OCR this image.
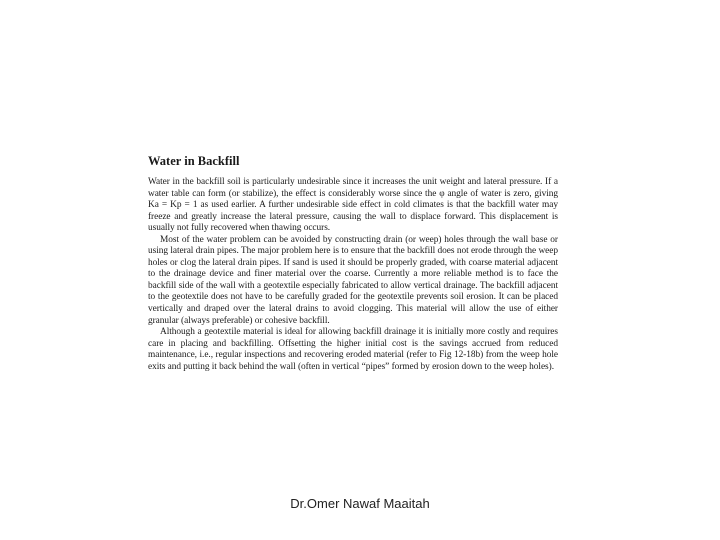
Water in Backfill

Water in the backfill soil is particularly undesirable since it increases the unit weight and lateral pressure. If a water table can form (or stabilize), the effect is considerably worse since the φ angle of water is zero, giving Ka = Kp = 1 as used earlier. A further undesirable side effect in cold climates is that the backfill water may freeze and greatly increase the lateral pressure, causing the wall to displace forward. This displacement is usually not fully recovered when thawing occurs.

Most of the water problem can be avoided by constructing drain (or weep) holes through the wall base or using lateral drain pipes. The major problem here is to ensure that the backfill does not erode through the weep holes or clog the lateral drain pipes. If sand is used it should be properly graded, with coarse material adjacent to the drainage device and finer material over the coarse. Currently a more reliable method is to face the backfill side of the wall with a geotextile especially fabricated to allow vertical drainage. The backfill adjacent to the geotextile does not have to be carefully graded for the geotextile prevents soil erosion. It can be placed vertically and draped over the lateral drains to avoid clogging. This material will allow the use of either granular (always preferable) or cohesive backfill.

Although a geotextile material is ideal for allowing backfill drainage it is initially more costly and requires care in placing and backfilling. Offsetting the higher initial cost is the savings accrued from reduced maintenance, i.e., regular inspections and recovering eroded material (refer to Fig 12-18b) from the weep hole exits and putting it back behind the wall (often in vertical “pipes” formed by erosion down to the weep holes).

Dr.Omer Nawaf Maaitah
